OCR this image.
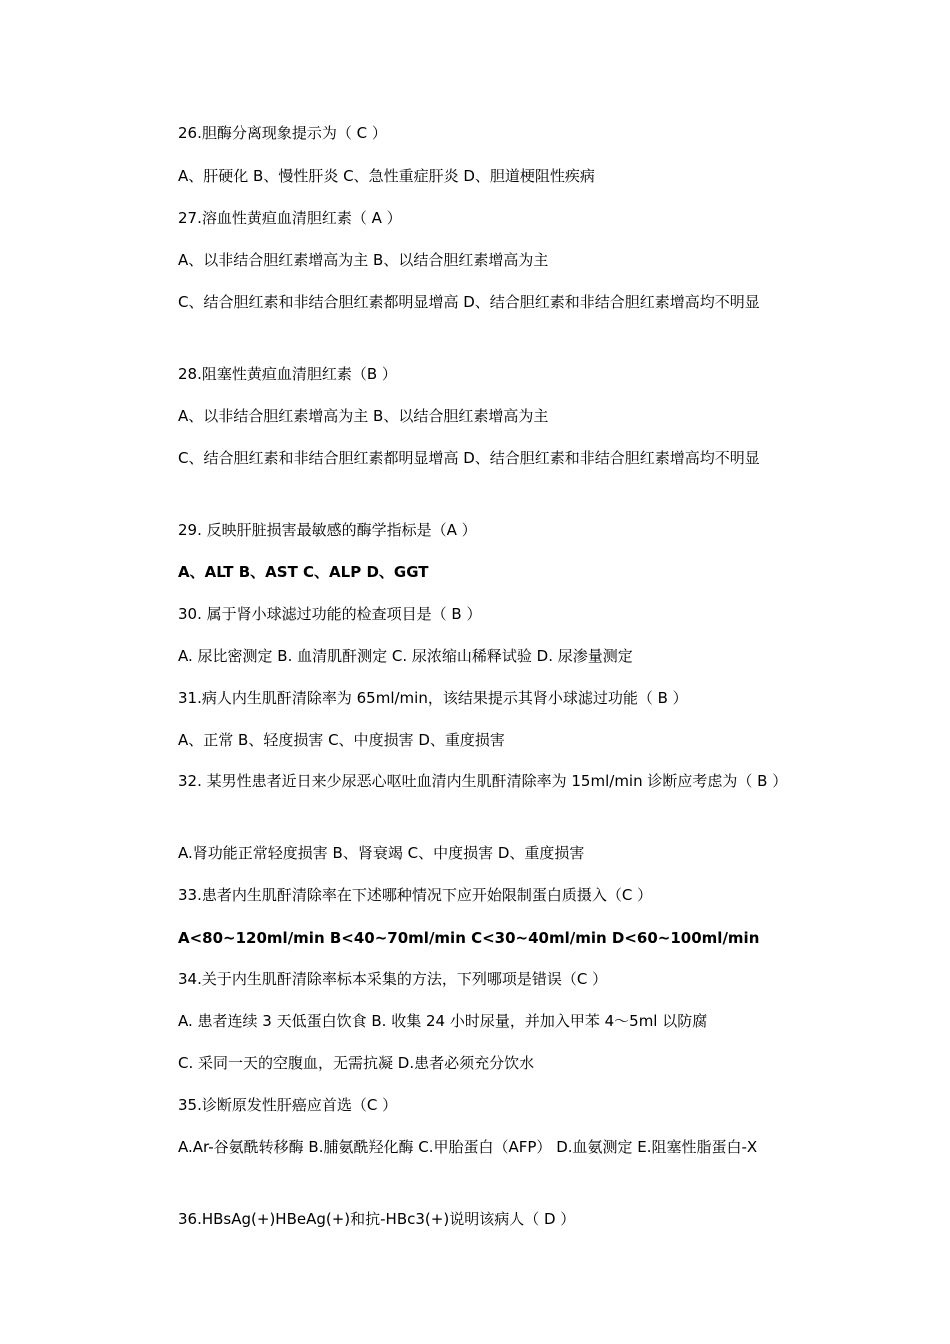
26.胆酶分离现象提示为（ C ）
A、肝硬化 B、慢性肝炎 C、急性重症肝炎 D、胆道梗阻性疾病
27.溶血性黄疸血清胆红素（ A ）
A、以非结合胆红素增高为主 B、以结合胆红素增高为主
C、结合胆红素和非结合胆红素都明显增高 D、结合胆红素和非结合胆红素增高均不明显
28.阻塞性黄疸血清胆红素（B ）
A、以非结合胆红素增高为主 B、以结合胆红素增高为主
C、结合胆红素和非结合胆红素都明显增高 D、结合胆红素和非结合胆红素增高均不明显
29. 反映肝脏损害最敏感的酶学指标是（A ）
A、ALT B、AST C、ALP D、GGT
30. 属于肾小球滤过功能的检查项目是（ B ）
A. 尿比密测定 B. 血清肌酐测定 C. 尿浓缩山稀释试验 D. 尿渗量测定
31.病人内生肌酐清除率为 65ml/min，该结果提示其肾小球滤过功能（ B ）
A、正常 B、轻度损害 C、中度损害 D、重度损害
32. 某男性患者近日来少尿恶心呕吐血清内生肌酐清除率为 15ml/min 诊断应考虑为（ B ）
A.肾功能正常轻度损害 B、肾衰竭 C、中度损害 D、重度损害
33.患者内生肌酐清除率在下述哪种情况下应开始限制蛋白质摄入（C ）
A<80~120ml/min B<40~70ml/min C<30~40ml/min D<60~100ml/min
34.关于内生肌酐清除率标本采集的方法，下列哪项是错误（C ）
A. 患者连续 3 天低蛋白饮食 B. 收集 24 小时尿量，并加入甲苯 4～5ml 以防腐
C. 采同一天的空腹血，无需抗凝 D.患者必须充分饮水
35.诊断原发性肝癌应首选（C ）
A.Ar-谷氨酰转移酶 B.脯氨酰羟化酶 C.甲胎蛋白（AFP） D.血氨测定 E.阻塞性脂蛋白-X
36.HBsAg(+)HBeAg(+)和抗-HBc3(+)说明该病人（ D ）
